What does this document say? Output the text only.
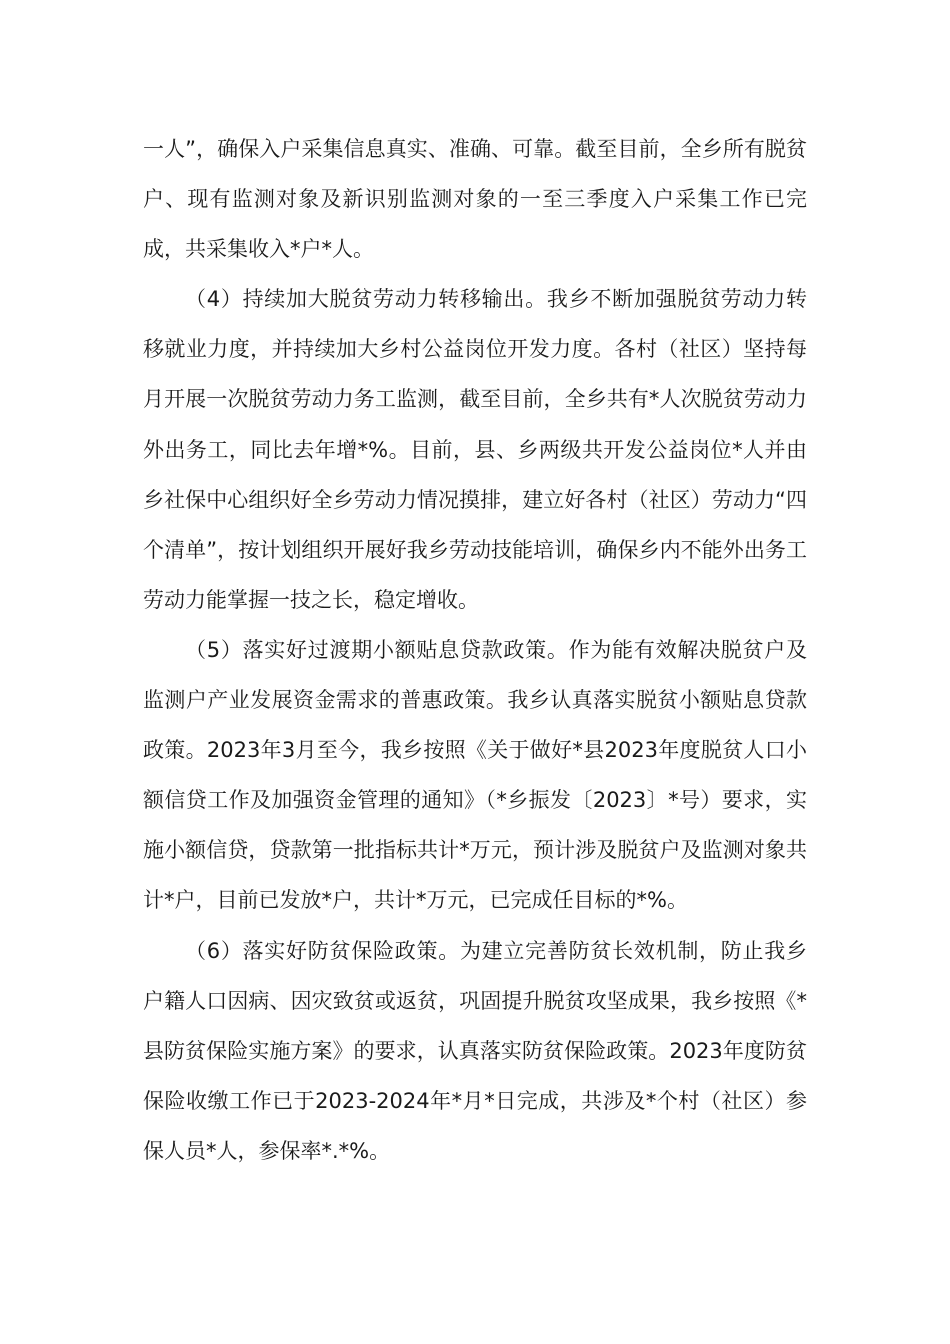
一人”，确保入户采集信息真实、准确、可靠。截至目前，全乡所有脱贫户、现有监测对象及新识别监测对象的一至三季度入户采集工作已完成，共采集收入*户*人。

（4）持续加大脱贫劳动力转移输出。我乡不断加强脱贫劳动力转移就业力度，并持续加大乡村公益岗位开发力度。各村（社区）坚持每月开展一次脱贫劳动力务工监测，截至目前，全乡共有*人次脱贫劳动力外出务工，同比去年增*%。目前，县、乡两级共开发公益岗位*人并由乡社保中心组织好全乡劳动力情况摸排，建立好各村（社区）劳动力“四个清单”，按计划组织开展好我乡劳动技能培训，确保乡内不能外出务工劳动力能掌握一技之长，稳定增收。

（5）落实好过渡期小额贴息贷款政策。作为能有效解决脱贫户及监测户产业发展资金需求的普惠政策。我乡认真落实脱贫小额贴息贷款政策。2023年3月至今，我乡按照《关于做好*县2023年度脱贫人口小额信贷工作及加强资金管理的通知》（*乡振发〔2023〕*号）要求，实施小额信贷，贷款第一批指标共计*万元，预计涉及脱贫户及监测对象共计*户，目前已发放*户，共计*万元，已完成任目标的*%。

（6）落实好防贫保险政策。为建立完善防贫长效机制，防止我乡户籍人口因病、因灾致贫或返贫，巩固提升脱贫攻坚成果，我乡按照《*县防贫保险实施方案》的要求，认真落实防贫保险政策。2023年度防贫保险收缴工作已于2023-2024年*月*日完成，共涉及*个村（社区）参保人员*人，参保率*.*%。
